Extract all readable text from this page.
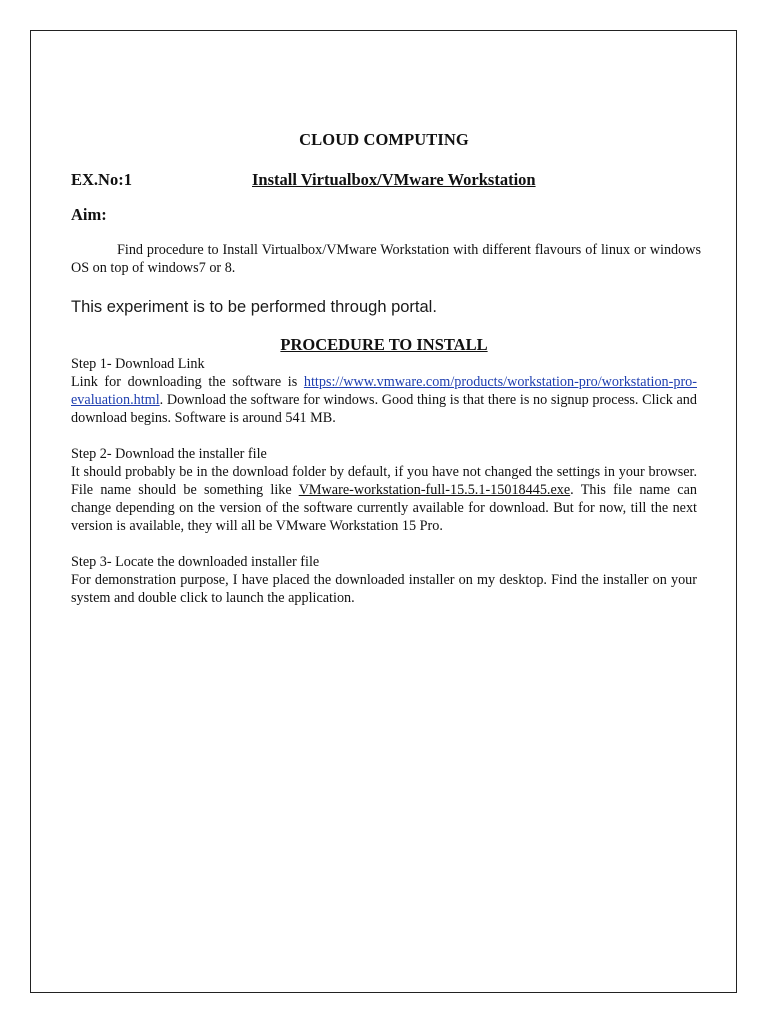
CLOUD COMPUTING
EX.No:1	Install Virtualbox/VMware Workstation
Aim:
Find procedure to Install Virtualbox/VMware Workstation with different flavours of linux or windows OS on top of windows7 or 8.
This experiment is to be performed through portal.
PROCEDURE TO INSTALL
Step 1- Download Link
Link for downloading the software is https://www.vmware.com/products/workstation-pro/workstation-pro-evaluation.html. Download the software for windows. Good thing is that there is no signup process. Click and download begins. Software is around 541 MB.
Step 2- Download the installer file
It should probably be in the download folder by default, if you have not changed the settings in your browser. File name should be something like VMware-workstation-full-15.5.1-15018445.exe. This file name can change depending on the version of the software currently available for download. But for now, till the next version is available, they will all be VMware Workstation 15 Pro.
Step 3- Locate the downloaded installer file
For demonstration purpose, I have placed the downloaded installer on my desktop. Find the installer on your system and double click to launch the application.
